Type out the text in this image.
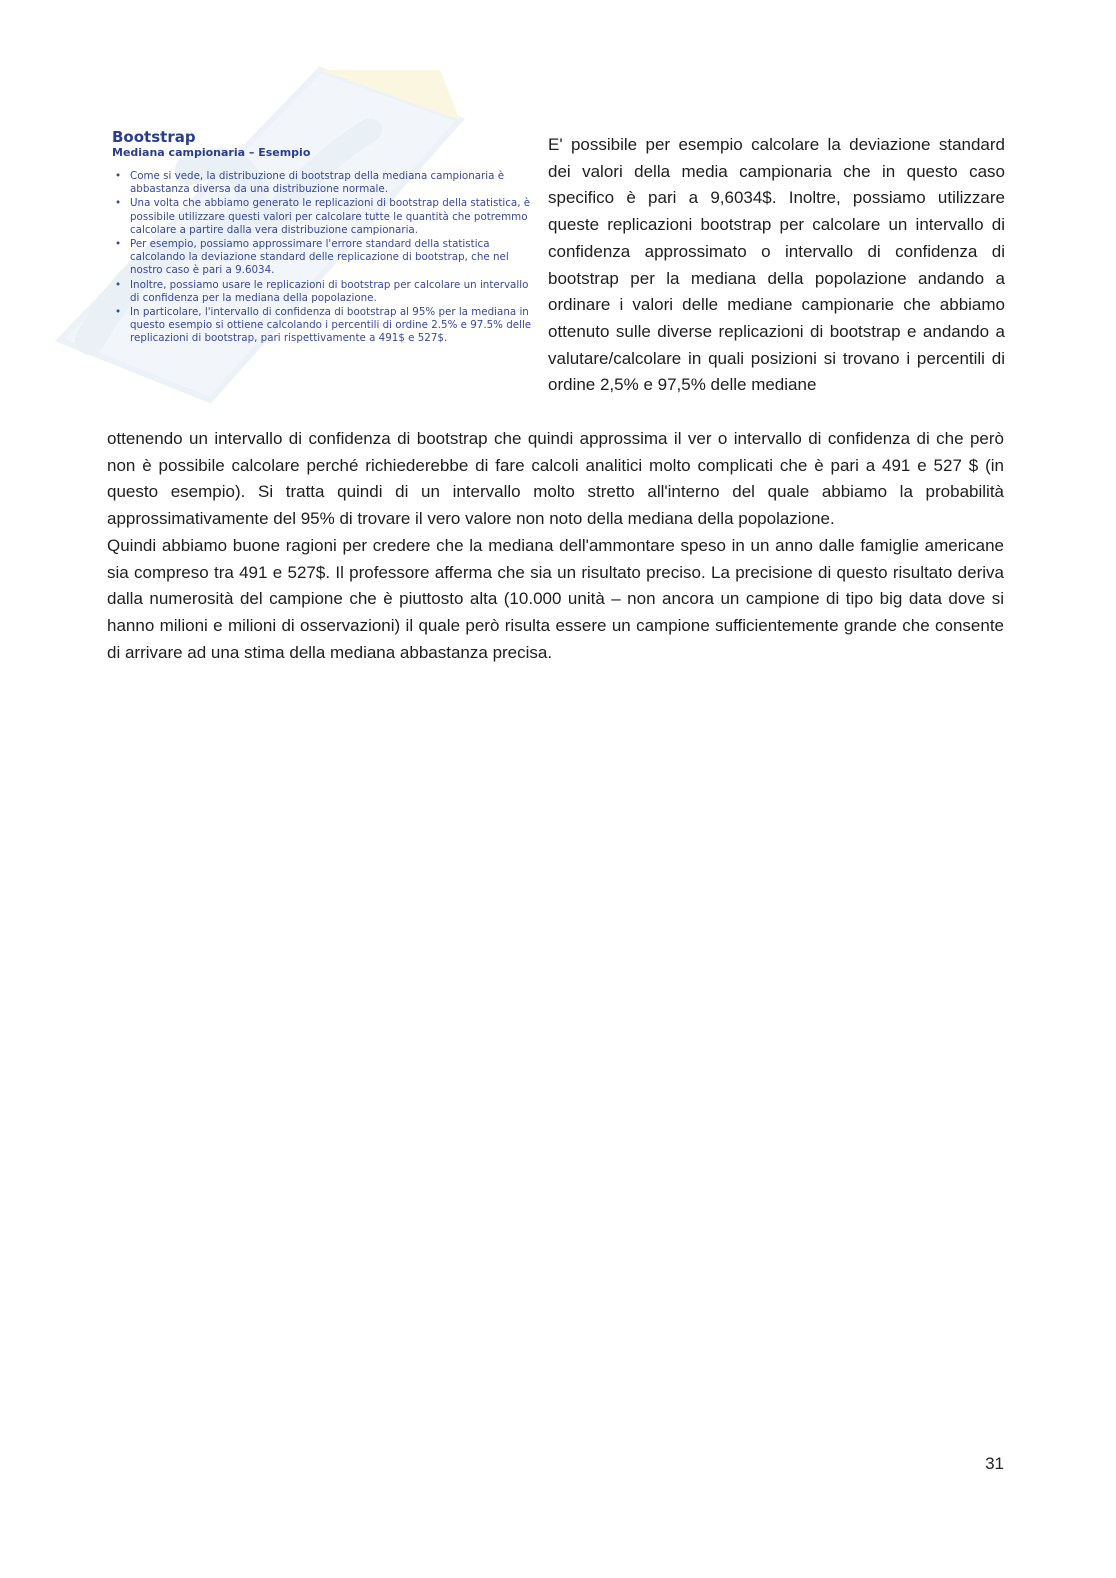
Bootstrap
Mediana campionaria – Esempio
• Come si vede, la distribuzione di bootstrap della mediana campionaria è abbastanza diversa da una distribuzione normale.
• Una volta che abbiamo generato le replicazioni di bootstrap della statistica, è possibile utilizzare questi valori per calcolare tutte le quantità che potremmo calcolare a partire dalla vera distribuzione campionaria.
• Per esempio, possiamo approssimare l'errore standard della statistica calcolando la deviazione standard delle replicazione di bootstrap, che nel nostro caso è pari a 9.6034.
• Inoltre, possiamo usare le replicazioni di bootstrap per calcolare un intervallo di confidenza per la mediana della popolazione.
• In particolare, l'intervallo di confidenza di bootstrap al 95% per la mediana in questo esempio si ottiene calcolando i percentili di ordine 2.5% e 97.5% delle replicazioni di bootstrap, pari rispettivamente a 491$ e 527$.

E' possibile per esempio calcolare la deviazione standard dei valori della media campionaria che in questo caso specifico è pari a 9,6034$. Inoltre, possiamo utilizzare queste replicazioni bootstrap per calcolare un intervallo di confidenza approssimato o intervallo di confidenza di bootstrap per la mediana della popolazione andando a ordinare i valori delle mediane campionarie che abbiamo ottenuto sulle diverse replicazioni di bootstrap e andando a valutare/calcolare in quali posizioni si trovano i percentili di ordine 2,5% e 97,5% delle mediane

ottenendo un intervallo di confidenza di bootstrap che quindi approssima il ver o intervallo di confidenza di che però non è possibile calcolare perché richiederebbe di fare calcoli analitici molto complicati che è pari a 491 e 527 $ (in questo esempio). Si tratta quindi di un intervallo molto stretto all'interno del quale abbiamo la probabilità approssimativamente del 95% di trovare il vero valore non noto della mediana della popolazione.

Quindi abbiamo buone ragioni per credere che la mediana dell'ammontare speso in un anno dalle famiglie americane sia compreso tra 491 e 527$. Il professore afferma che sia un risultato preciso. La precisione di questo risultato deriva dalla numerosità del campione che è piuttosto alta (10.000 unità – non ancora un campione di tipo big data dove si hanno milioni e milioni di osservazioni) il quale però risulta essere un campione sufficientemente grande che consente di arrivare ad una stima della mediana abbastanza precisa.

31
